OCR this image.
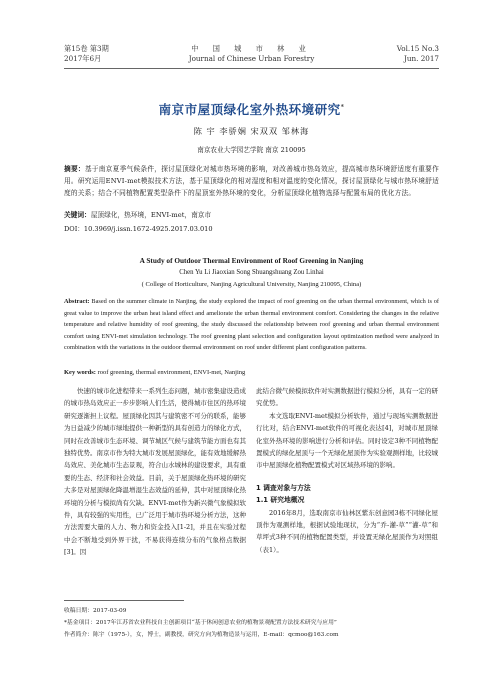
第15卷 第3期
2017年6月
中 国 城 市 林 业
Journal of Chinese Urban Forestry
Vol.15 No.3
Jun. 2017
南京市屋顶绿化室外热环境研究*
陈 宇 李骄娴 宋双双 邹林海
南京农业大学园艺学院 南京 210095
摘要：基于南京夏季气候条件，探讨屋顶绿化对城市热环境的影响，对改善城市热岛效应，提高城市热环境舒适度有重要作用。研究运用ENVI-met模拟技术方法，基于屋顶绿化的相对湿度和相对温度的变化情况，探讨屋顶绿化与城市热环境舒适度的关系；结合不同植物配置类型条件下的屋顶室外热环境的变化，分析屋顶绿化植物选择与配置布局的优化方法。
关键词：屋顶绿化，热环境，ENVI-met，南京市
DOI：10.3969/j.issn.1672-4925.2017.03.010
A Study of Outdoor Thermal Environment of Roof Greening in Nanjing
Chen Yu Li Jiaoxian Song Shuangshuang Zou Linhai
( College of Horticulture, Nanjing Agricultural University, Nanjing 210095, China)
Abstract: Based on the summer climate in Nanjing, the study explored the impact of roof greening on the urban thermal environment, which is of great value to improve the urban heat island effect and ameliorate the urban thermal environment comfort. Considering the changes in the relative temperature and relative humidity of roof greening, the study discussed the relationship between roof greening and urban thermal environment comfort using ENVI-met simulation technology. The roof greening plant selection and configuration layout optimization method were analyzed in combination with the variations in the outdoor thermal environment on roof under different plant configuration patterns.
Key words: roof greening, thermal environment, ENVI-met, Nanjing

快速的城市化进程带来一系列生态问题，城市密集建设造成的城市热岛效应正一步步影响人们生活，使得城市住区的热环境研究逐渐担上议程。屋顶绿化因其与建筑密不可分的联系，能够为日益减少的城市绿地提供一种新型的具有创造力的绿化方式，同时在改善城市生态环境、调节城区气候与建筑节能方面也有其独特优势。南京市作为特大城市发展屋顶绿化，能有效地缓解热岛效应、美化城市生态景观，符合山水城林的建设要求，具有重要的生态、经济和社会效益。目前，关于屋顶绿化热环境的研究大多是对屋顶绿化降温增湿生态效益的延伸，其中对屋顶绿化热环境的分析与模拟尚有欠缺。ENVI-met作为新兴微气象模拟软件，具有较强的实用性，已广泛用于城市热环境分析方法，这种方法需要大量的人力、物力和资金投入[1-2]，并且在实验过程中会不断地受到外界干扰，不易获得连续分布的气象格点数据[3]。因

此结合微气候模拟软件对实测数据进行模拟分析，具有一定的研究优势。

本文选取ENVI-met模拟分析软件，通过与现场实测数据进行比对，结合ENVI-met软件的可视化表达[4]，对城市屋顶绿化室外热环境的影响进行分析和评估。同时设定3种不同植物配置模式的绿化屋顶与一个无绿化屋顶作为实验观测样地，比较城市中屋顶绿化植物配置模式对区域热环境的影响。

1 调查对象与方法
1.1 研究地概况

2016年8月，选取南京市仙林区紫东创意园3栋不同绿化屋顶作为观测样地，根据试验地现状，分为“乔-灌-草”“灌-草”和草坪式3种不同的植物配置类型，并设置无绿化屋顶作为对照组（表1）。

收稿日期：2017-03-09
*基金项目：2017年江苏省农业科技自主创新项目“基于休闲创意农业的植物景观配置方法技术研究与应用”
作者简介：陈宇（1975-），女，博士，副教授，研究方向为植物造景与运用，E-mail：qcmoo@163.com
